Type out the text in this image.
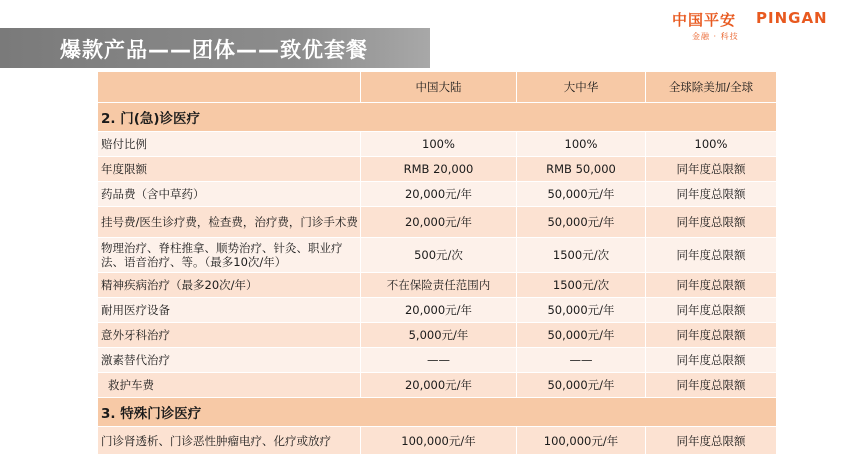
爆款产品——团体——致优套餐
中国平安 PINGAN
金融 · 科技
	中国大陆	大中华	全球除美加/全球
2. 门(急)诊医疗			
赔付比例	100%	100%	100%
年度限额	RMB 20,000	RMB 50,000	同年度总限额
药品费（含中草药）	20,000元/年	50,000元/年	同年度总限额
挂号费/医生诊疗费，检查费，治疗费，门诊手术费	20,000元/年	50,000元/年	同年度总限额
物理治疗、脊柱推拿、顺势治疗、针灸、职业疗法、语音治疗、等。（最多10次/年）	500元/次	1500元/次	同年度总限额
精神疾病治疗（最多20次/年）	不在保险责任范围内	1500元/次	同年度总限额
耐用医疗设备	20,000元/年	50,000元/年	同年度总限额
意外牙科治疗	5,000元/年	50,000元/年	同年度总限额
激素替代治疗	——	——	同年度总限额
救护车费	20,000元/年	50,000元/年	同年度总限额
3. 特殊门诊医疗			
门诊肾透析、门诊恶性肿瘤电疗、化疗或放疗	100,000元/年	100,000元/年	同年度总限额
